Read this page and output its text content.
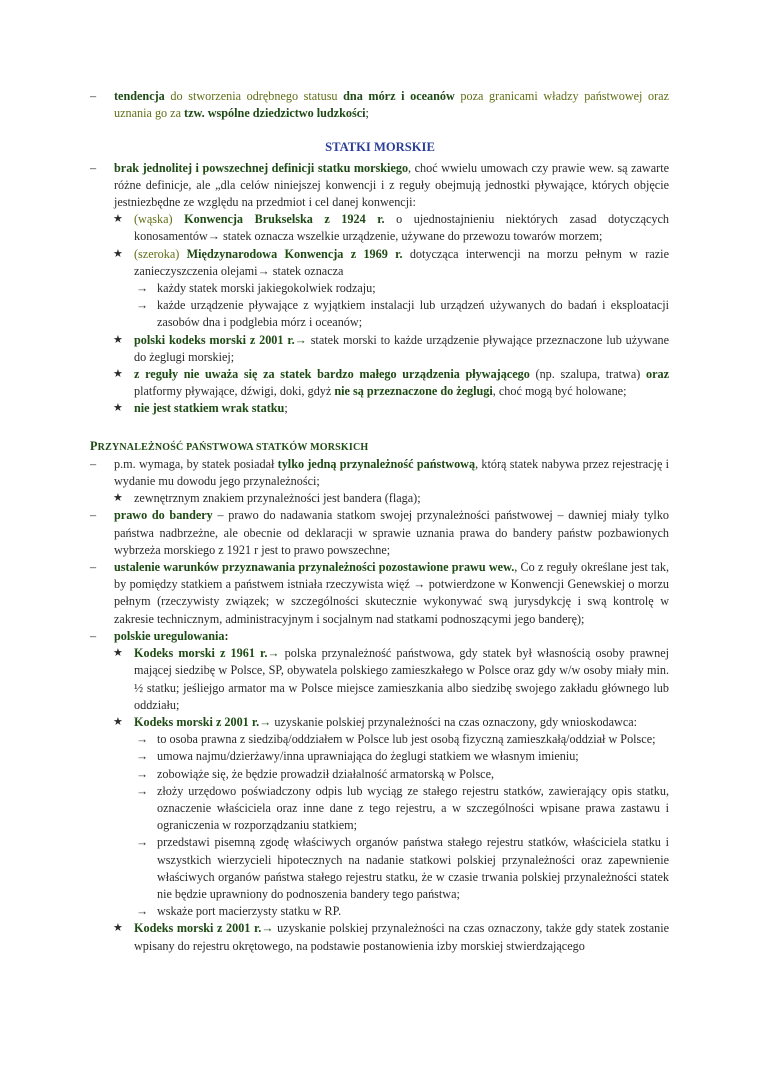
– tendencja do stworzenia odrębnego statusu dna mórz i oceanów poza granicami władzy państwowej oraz uznania go za tzw. wspólne dziedzictwo ludzkości;
STATKI MORSKIE
– brak jednolitej i powszechnej definicji statku morskiego, choć wwielu umowach czy prawie wew. są zawarte różne definicje, ale „dla celów niniejszej konwencji i z reguły obejmują jednostki pływające, których objęcie jestniezbędne ze względu na przedmiot i cel danej konwencji:
★ (wąska) Konwencja Brukselska z 1924 r. o ujednostajnieniu niektórych zasad dotyczących konosamentów→ statek oznacza wszelkie urządzenie, używane do przewozu towarów morzem;
★ (szeroka) Międzynarodowa Konwencja z 1969 r. dotycząca interwencji na morzu pełnym w razie zanieczyszczenia olejami→ statek oznacza
→ każdy statek morski jakiegokolwiek rodzaju;
→ każde urządzenie pływające z wyjątkiem instalacji lub urządzeń używanych do badań i eksploatacji zasobów dna i podglebia mórz i oceanów;
★ polski kodeks morski z 2001 r.→ statek morski to każde urządzenie pływające przeznaczone lub używane do żeglugi morskiej;
★ z reguły nie uważa się za statek bardzo małego urządzenia pływającego (np. szalupa, tratwa) oraz platformy pływające, dźwigi, doki, gdyż nie są przeznaczone do żeglugi, choć mogą być holowane;
★ nie jest statkiem wrak statku;
PRZYNALEŻNOŚĆ PAŃSTWOWA STATKÓW MORSKICH
– p.m. wymaga, by statek posiadał tylko jedną przynależność państwową, którą statek nabywa przez rejestrację i wydanie mu dowodu jego przynależności;
★ zewnętrznym znakiem przynależności jest bandera (flaga);
– prawo do bandery – prawo do nadawania statkom swojej przynależności państwowej – dawniej miały tylko państwa nadbrzeżne, ale obecnie od deklaracji w sprawie uznania prawa do bandery państw pozbawionych wybrzeża morskiego z 1921 r jest to prawo powszechne;
– ustalenie warunków przyznawania przynależności pozostawione prawu wew., Co z reguły określane jest tak, by pomiędzy statkiem a państwem istniała rzeczywista więź → potwierdzone w Konwencji Genewskiej o morzu pełnym (rzeczywisty związek; w szczególności skutecznie wykonywać swą jurysdykcję i swą kontrolę w zakresie technicznym, administracyjnym i socjalnym nad statkami podnoszącymi jego banderę);
– polskie uregulowania:
★ Kodeks morski z 1961 r.→ polska przynależność państwowa, gdy statek był własnością osoby prawnej mającej siedzibę w Polsce, SP, obywatela polskiego zamieszkałego w Polsce oraz gdy w/w osoby miały min. ½ statku; jeśliejgo armator ma w Polsce miejsce zamieszkania albo siedzibę swojego zakładu głównego lub oddziału;
★ Kodeks morski z 2001 r.→ uzyskanie polskiej przynależności na czas oznaczony, gdy wnioskodawca:
→ to osoba prawna z siedzibą/oddziałem w Polsce lub jest osobą fizyczną zamieszkałą/oddział w Polsce;
→ umowa najmu/dzierżawy/inna uprawniająca do żeglugi statkiem we własnym imieniu;
→ zobowiąże się, że będzie prowadził działalność armatorską w Polsce,
→ złoży urzędowo poświadczony odpis lub wyciąg ze stałego rejestru statków, zawierający opis statku, oznaczenie właściciela oraz inne dane z tego rejestru, a w szczególności wpisane prawa zastawu i ograniczenia w rozporządzaniu statkiem;
→ przedstawi pisemną zgodę właściwych organów państwa stałego rejestru statków, właściciela statku i wszystkich wierzycieli hipotecznych na nadanie statkowi polskiej przynależności oraz zapewnienie właściwych organów państwa stałego rejestru statku, że w czasie trwania polskiej przynależności statek nie będzie uprawniony do podnoszenia bandery tego państwa;
→ wskaże port macierzysty statku w RP.
★ Kodeks morski z 2001 r.→ uzyskanie polskiej przynależności na czas oznaczony, także gdy statek zostanie wpisany do rejestru okrętowego, na podstawie postanowienia izby morskiej stwierdzającego
